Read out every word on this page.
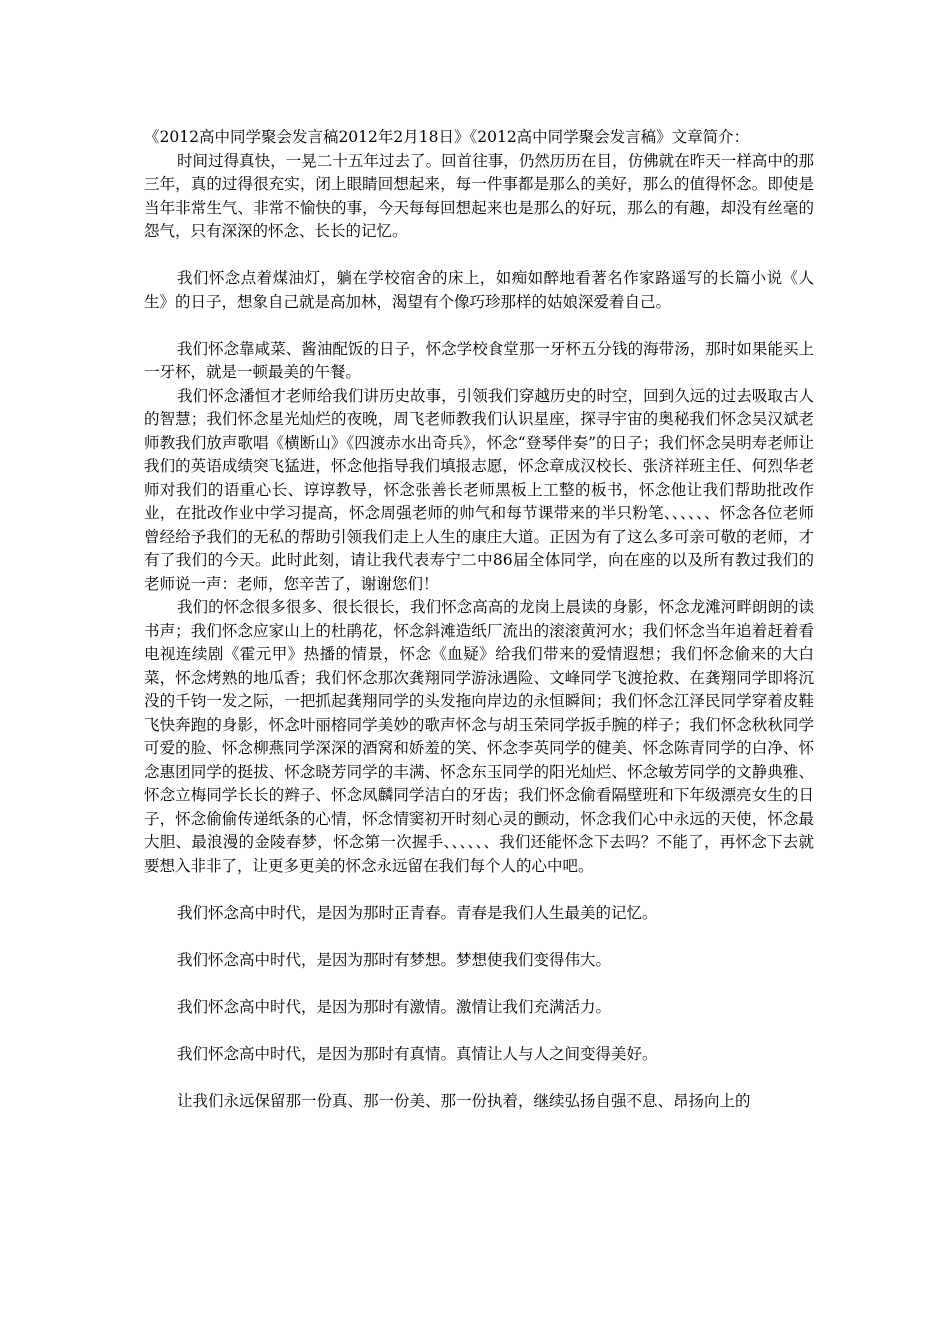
《2012高中同学聚会发言稿2012年2月18日》《2012高中同学聚会发言稿》文章简介：

时间过得真快，一晃二十五年过去了。回首往事，仍然历历在目，仿佛就在昨天一样高中的那三年，真的过得很充实，闭上眼睛回想起来，每一件事都是那么的美好，那么的值得怀念。即使是当年非常生气、非常不愉快的事，今天每每回想起来也是那么的好玩，那么的有趣，却没有丝毫的怨气，只有深深的怀念、长长的记忆。

我们怀念点着煤油灯，躺在学校宿舍的床上，如痴如醉地看著名作家路遥写的长篇小说《人生》的日子，想象自己就是高加林，渴望有个像巧珍那样的姑娘深爱着自己。

我们怀念靠咸菜、酱油配饭的日子，怀念学校食堂那一牙杯五分钱的海带汤，那时如果能买上一牙杯，就是一顿最美的午餐。

我们怀念潘恒才老师给我们讲历史故事，引领我们穿越历史的时空，回到久远的过去吸取古人的智慧；我们怀念星光灿烂的夜晚，周飞老师教我们认识星座，探寻宇宙的奥秘我们怀念吴汉斌老师教我们放声歌唱《横断山》《四渡赤水出奇兵》，怀念“登琴伴奏”的日子；我们怀念吴明寿老师让我们的英语成绩突飞猛进，怀念他指导我们填报志愿，怀念章成汉校长、张济祥班主任、何烈华老师对我们的语重心长、谆谆教导，怀念张善长老师黑板上工整的板书，怀念他让我们帮助批改作业，在批改作业中学习提高，怀念周强老师的帅气和每节课带来的半只粉笔、、、、、、怀念各位老师曾经给予我们的无私的帮助引领我们走上人生的康庄大道。正因为有了这么多可亲可敬的老师，才有了我们的今天。此时此刻，请让我代表寿宁二中86届全体同学，向在座的以及所有教过我们的老师说一声：老师，您辛苦了，谢谢您们！

我们的怀念很多很多、很长很长，我们怀念高高的龙岗上晨读的身影，怀念龙滩河畔朗朗的读书声；我们怀念应家山上的杜鹃花，怀念斜滩造纸厂流出的滚滚黄河水；我们怀念当年追着赶着看电视连续剧《霍元甲》热播的情景，怀念《血疑》给我们带来的爱情遐想；我们怀念偷来的大白菜，怀念烤熟的地瓜香；我们怀念那次龚翔同学游泳遇险、文峰同学飞渡抢救、在龚翔同学即将沉没的千钧一发之际，一把抓起龚翔同学的头发拖向岸边的永恒瞬间；我们怀念江泽民同学穿着皮鞋飞快奔跑的身影，怀念叶丽榕同学美妙的歌声怀念与胡玉荣同学扳手腕的样子；我们怀念秋秋同学可爱的脸、怀念柳燕同学深深的酒窝和娇羞的笑、怀念李英同学的健美、怀念陈青同学的白净、怀念惠团同学的挺拔、怀念晓芳同学的丰满、怀念东玉同学的阳光灿烂、怀念敏芳同学的文静典雅、怀念立梅同学长长的辫子、怀念凤麟同学洁白的牙齿；我们怀念偷看隔壁班和下年级漂亮女生的日子，怀念偷偷传递纸条的心情，怀念情窦初开时刻心灵的颤动，怀念我们心中永远的天使，怀念最大胆、最浪漫的金陵春梦，怀念第一次握手、、、、、、我们还能怀念下去吗？不能了，再怀念下去就要想入非非了，让更多更美的怀念永远留在我们每个人的心中吧。

我们怀念高中时代，是因为那时正青春。青春是我们人生最美的记忆。

我们怀念高中时代，是因为那时有梦想。梦想使我们变得伟大。

我们怀念高中时代，是因为那时有激情。激情让我们充满活力。

我们怀念高中时代，是因为那时有真情。真情让人与人之间变得美好。

让我们永远保留那一份真、那一份美、那一份执着，继续弘扬自强不息、昂扬向上的
